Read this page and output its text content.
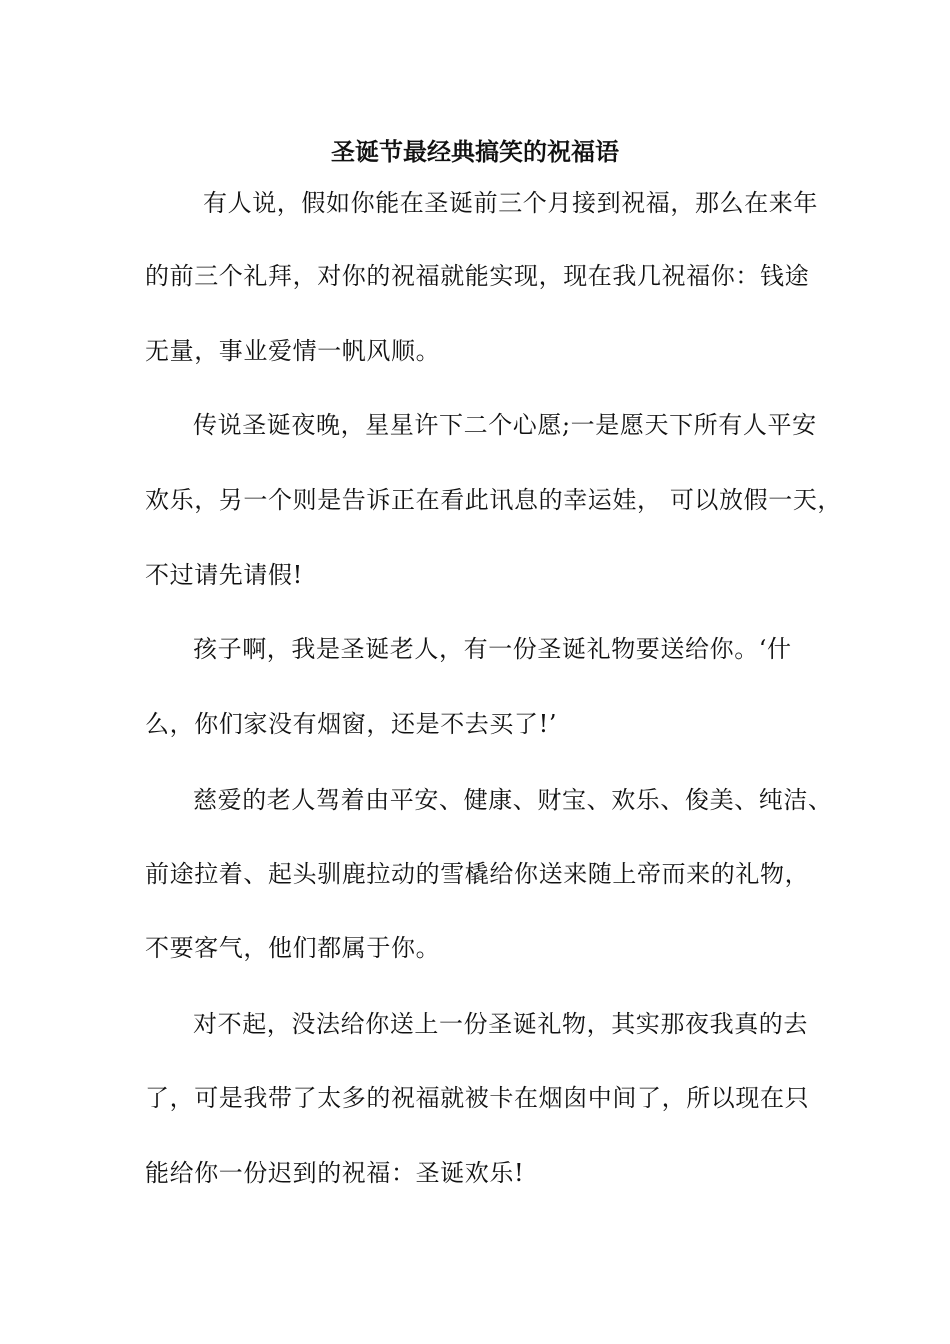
圣诞节最经典搞笑的祝福语
有人说，假如你能在圣诞前三个月接到祝福，那么在来年
的前三个礼拜，对你的祝福就能实现，现在我几祝福你：钱途
无量，事业爱情一帆风顺。
传说圣诞夜晚，星星许下二个心愿;一是愿天下所有人平安
欢乐，另一个则是告诉正在看此讯息的幸运娃， 可以放假一天，
不过请先请假!
孩子啊，我是圣诞老人，有一份圣诞礼物要送给你。‘什
么，你们家没有烟窗，还是不去买了!’
慈爱的老人驾着由平安、健康、财宝、欢乐、俊美、纯洁、
前途拉着、起头驯鹿拉动的雪橇给你送来随上帝而来的礼物，
不要客气，他们都属于你。
对不起，没法给你送上一份圣诞礼物，其实那夜我真的去
了，可是我带了太多的祝福就被卡在烟囱中间了，所以现在只
能给你一份迟到的祝福：圣诞欢乐!
